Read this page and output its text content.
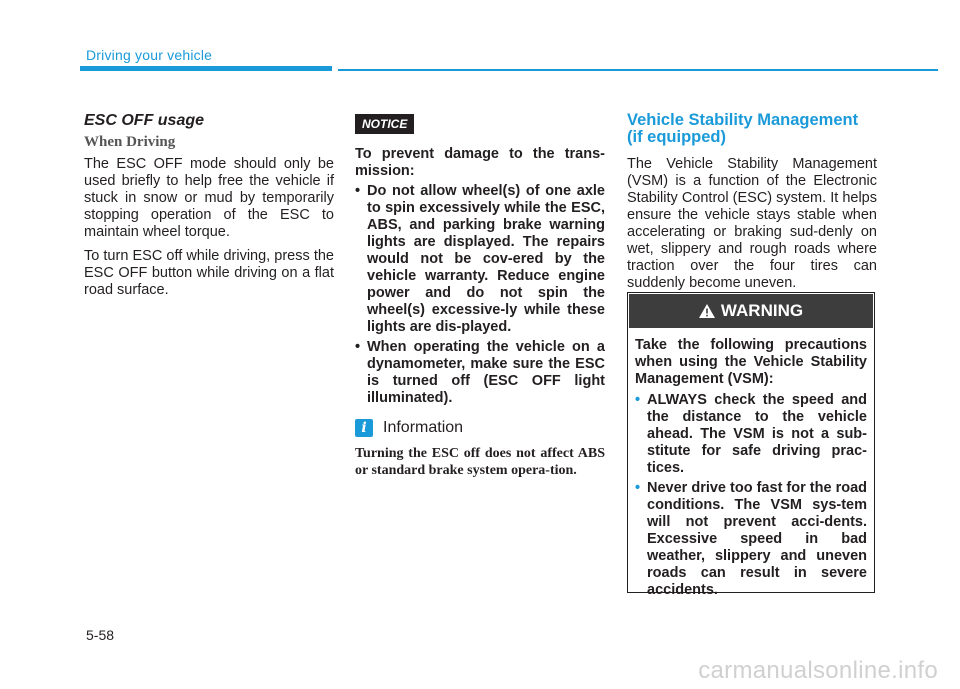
Driving your vehicle
ESC OFF usage
When Driving

The ESC OFF mode should only be used briefly to help free the vehicle if stuck in snow or mud by temporarily stopping operation of the ESC to maintain wheel torque.

To turn ESC off while driving, press the ESC OFF button while driving on a flat road surface.

NOTICE

To prevent damage to the trans-mission:

• Do not allow wheel(s) of one axle to spin excessively while the ESC, ABS, and parking brake warning lights are displayed. The repairs would not be cov-ered by the vehicle warranty. Reduce engine power and do not spin the wheel(s) excessive-ly while these lights are dis-played.
• When operating the vehicle on a dynamometer, make sure the ESC is turned off (ESC OFF light illuminated).
i	Information
Turning the ESC off does not affect ABS or standard brake system opera-tion.
Vehicle Stability Management
(if equipped)

The Vehicle Stability Management (VSM) is a function of the Electronic Stability Control (ESC) system. It helps ensure the vehicle stays stable when accelerating or braking sud-denly on wet, slippery and rough roads where traction over the four tires can suddenly become uneven.

WARNING

Take the following precautions when using the Vehicle Stability Management (VSM):

• ALWAYS check the speed and the distance to the vehicle ahead. The VSM is not a sub-stitute for safe driving prac-tices.
• Never drive too fast for the road conditions. The VSM sys-tem will not prevent acci-dents. Excessive speed in bad weather, slippery and uneven roads can result in severe accidents.
5-58
carmanualsonline.info
